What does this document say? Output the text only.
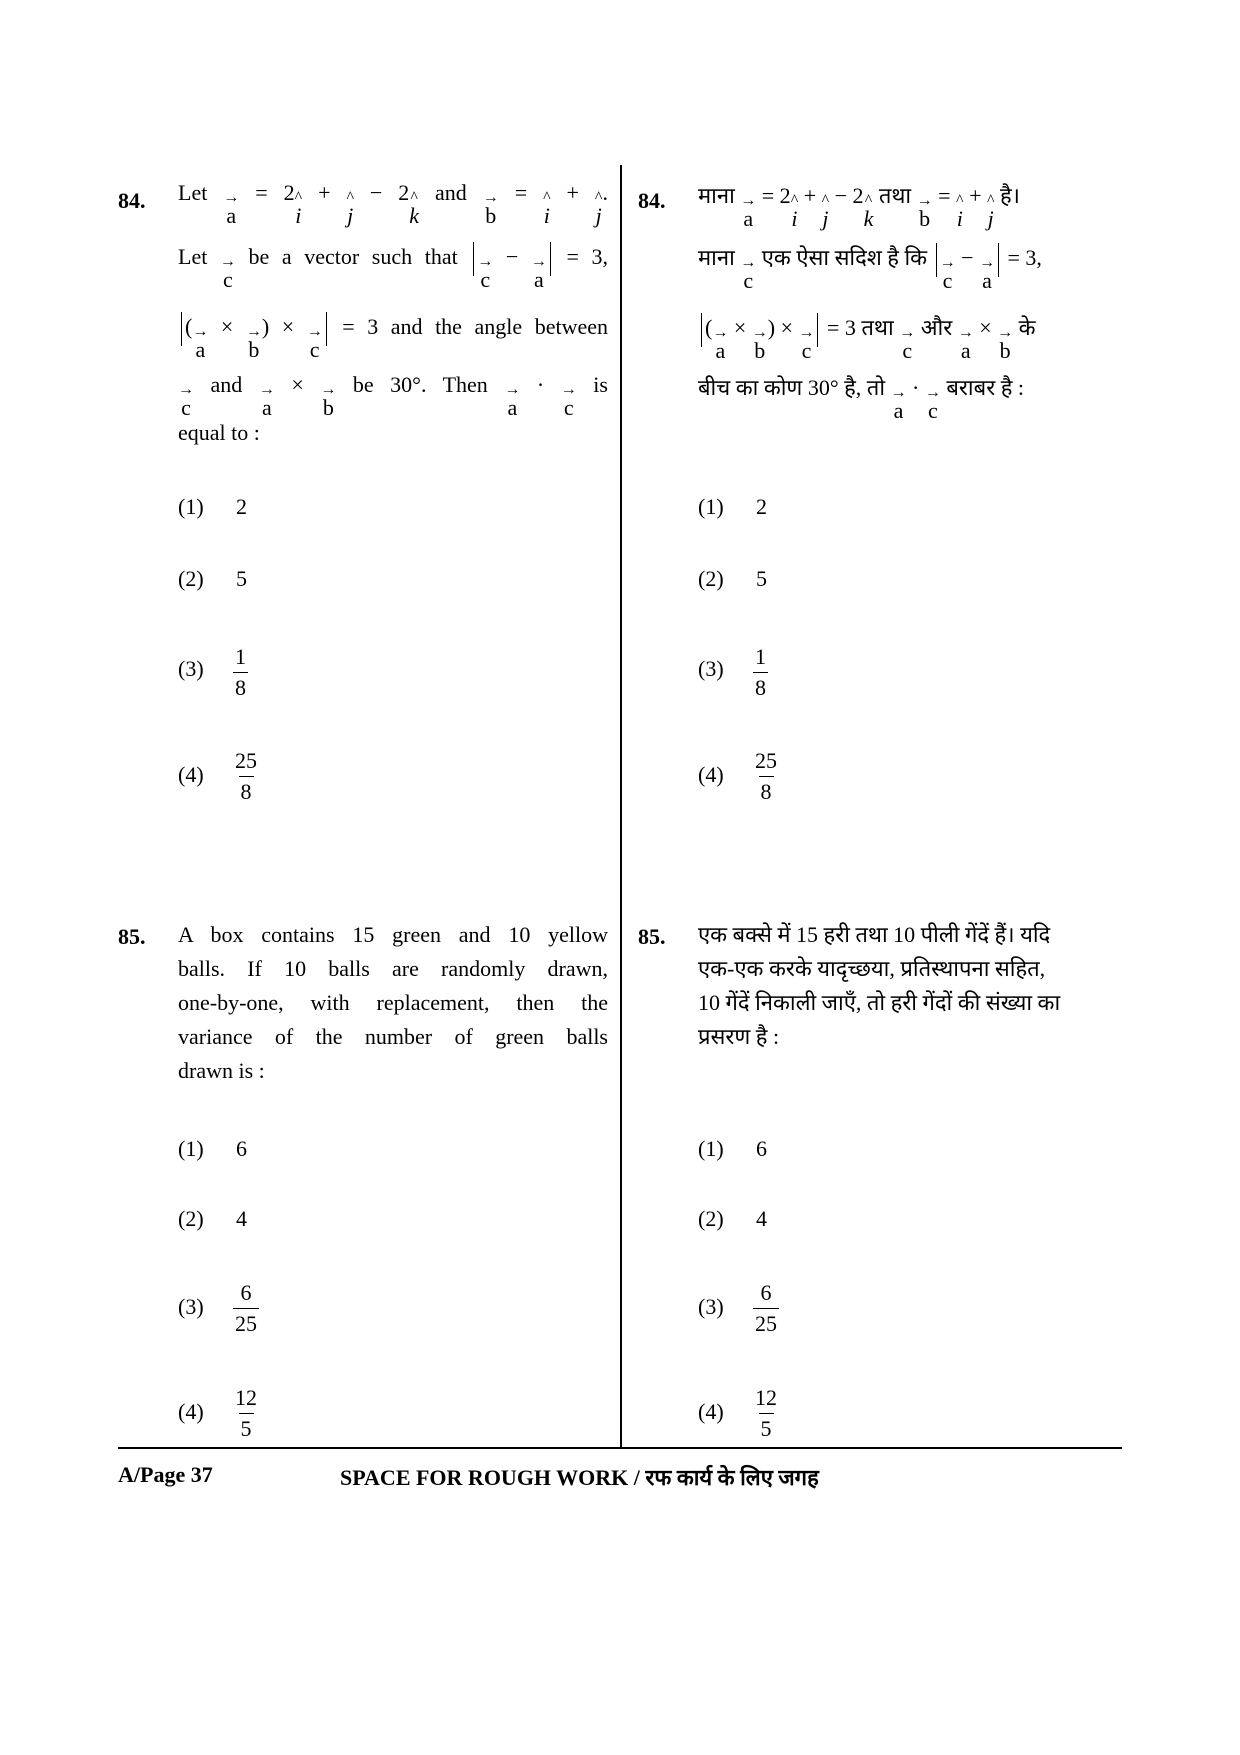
84. Let →
a
= 2 ^
i
+ ^
j
− 2 ^
k
and →
b
= ^
i
+ ^
j
.
Let →
c
be a vector such that →
c
− →
a
= 3,
( →
a
× →
b
) × →
c
= 3 and the angle between
→
c
and →
a
× →
b
be 30°. Then →
a
· →
c
is
equal to :
(1) 2
(2) 5
$(3) \frac{1}{8}$
$(4) \frac{25}{8}$
84. माना →
a
= 2 ^
i
+ ^
j
− 2 ^
k
तथा →
b
= ^
i
+ ^
j
है।
माना →
c
एक ऐसा सदिश है कि →
c
− →
a
= 3,
( →
a
× →
b
) × →
c
= 3 तथा →
c
और →
a
× →
b
के
बीच का कोण 30° है, तो →
a
· →
c
बराबर है :
(1) 2
(2) 5
$(3) \frac{1}{8}$
$(4) \frac{25}{8}$
85. A box contains 15 green and 10 yellow
balls. If 10 balls are randomly drawn,
one-by-one, with replacement, then the
variance of the number of green balls
drawn is :
(1) 6
(2) 4
$(3) \frac{6}{25}$
$(4) \frac{12}{5}$
85. एक बक्से में 15 हरी तथा 10 पीली गेंदें हैं। यदि
एक-एक करके यादृच्छया, प्रतिस्थापना सहित,
10 गेंदें निकाली जाएँ, तो हरी गेंदों की संख्या का
प्रसरण है :
(1) 6
(2) 4
$(3) \frac{6}{25}$
$(4) \frac{12}{5}$
A/Page 37	SPACE FOR ROUGH WORK / रफ कार्य के लिए जगह
